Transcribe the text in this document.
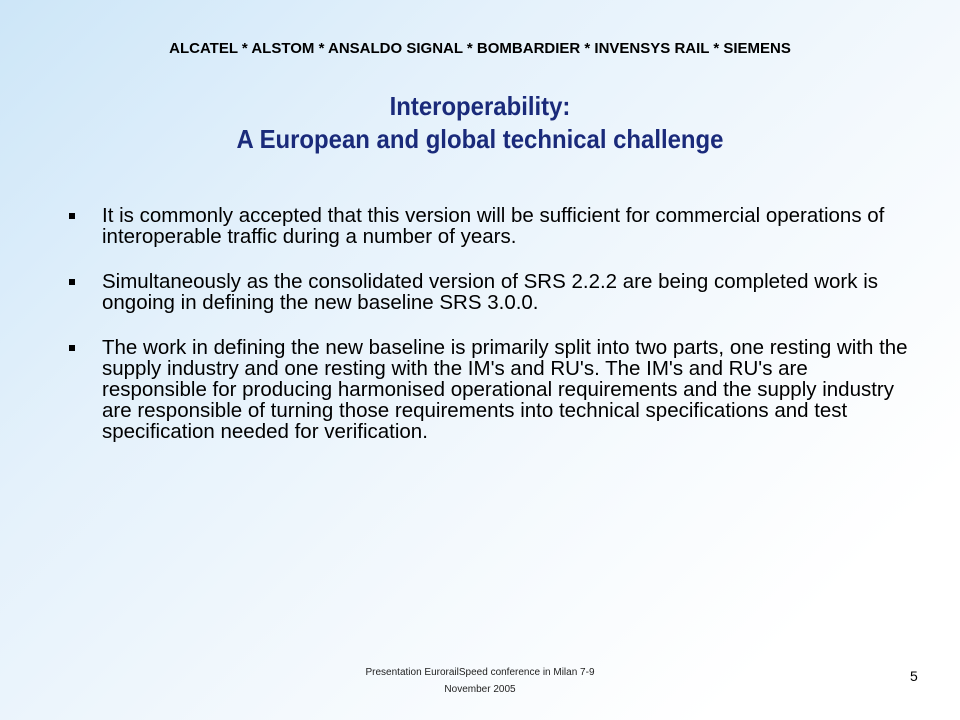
ALCATEL * ALSTOM * ANSALDO SIGNAL * BOMBARDIER * INVENSYS RAIL * SIEMENS
Interoperability:
A European and global technical challenge
It is commonly accepted that this version will be sufficient for commercial operations of interoperable traffic during a number of years.
Simultaneously as the consolidated version of SRS 2.2.2 are being completed work is ongoing in defining the new baseline SRS 3.0.0.
The work in defining the new baseline is primarily split into two parts, one resting with the supply industry and one resting with the IM's and RU's. The IM's and RU's are responsible for producing harmonised operational requirements and the supply industry are responsible of turning those requirements into technical specifications and test specification needed for verification.
Presentation EurorailSpeed conference in Milan 7-9
November 2005
5
